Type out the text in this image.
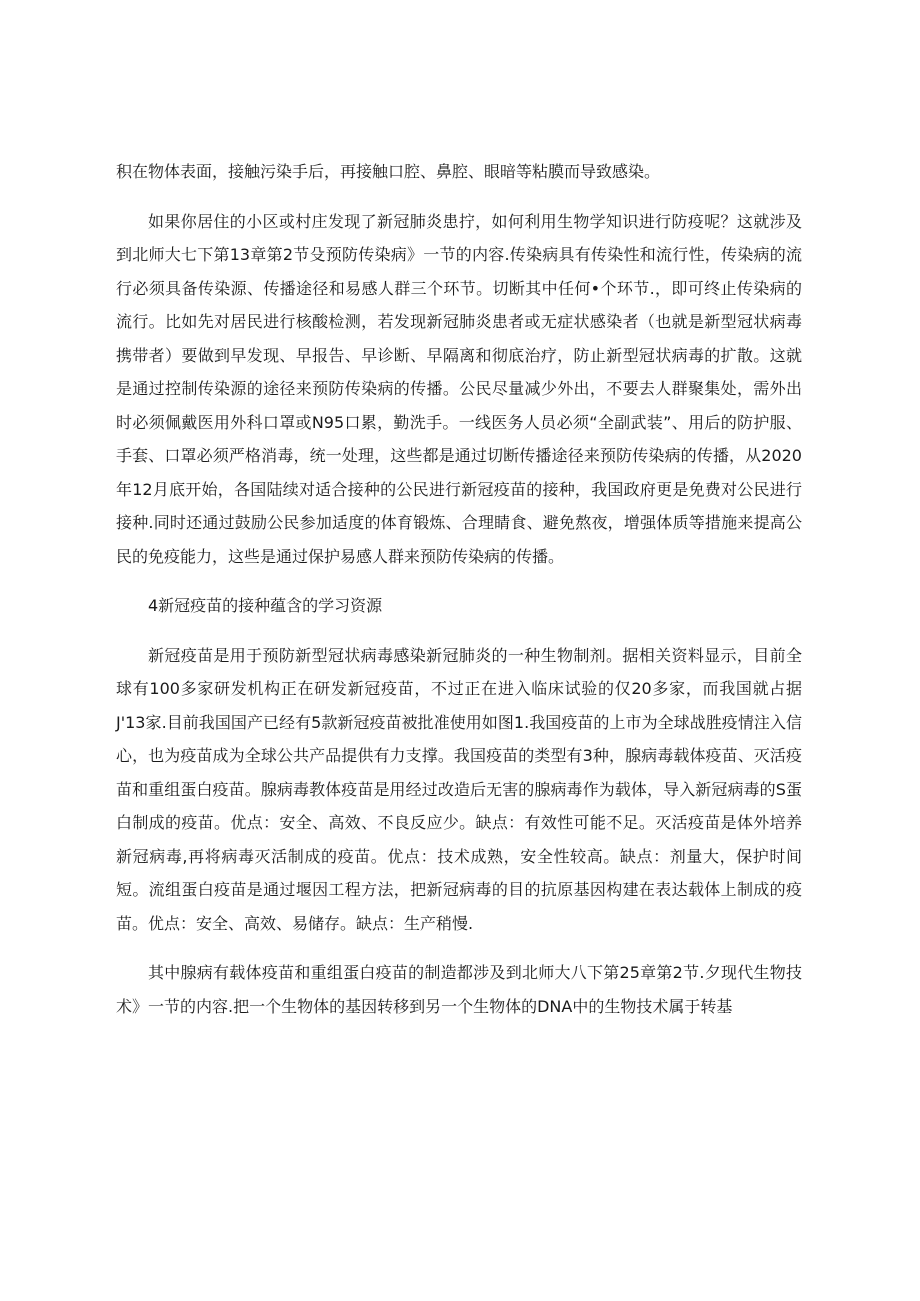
积在物体表面，接触污染手后，再接触口腔、鼻腔、眼暗等粘膜而导致感染。

如果你居住的小区或村庄发现了新冠肺炎患拧，如何利用生物学知识进行防疫呢？这就涉及到北师大七下第13章第2节殳预防传染病》一节的内容.传染病具有传染性和流行性，传染病的流行必须具备传染源、传播途径和易感人群三个环节。切断其中任何•个环节.，即可终止传染病的流行。比如先对居民进行核酸检测，若发现新冠肺炎患者或无症状感染者（也就是新型冠状病毒携带者）要做到早发现、早报告、早诊断、早隔离和彻底治疗，防止新型冠状病毒的扩散。这就是通过控制传染源的途径来预防传染病的传播。公民尽量减少外出，不要去人群聚集处，需外出时必须佩戴医用外科口罩或N95口累，勤洗手。一线医务人员必须“全副武装”、用后的防护服、手套、口罩必须严格消毒，统一处理，这些都是通过切断传播途径来预防传染病的传播，从2020年12月底开始，各国陆续对适合接种的公民进行新冠疫苗的接种，我国政府更是免费对公民进行接种.同时还通过鼓励公民参加适度的体育锻炼、合理睛食、避免熬夜，增强体质等措施来提高公民的免疫能力，这些是通过保护易感人群来预防传染病的传播。

4新冠疫苗的接种蕴含的学习资源

新冠疫苗是用于预防新型冠状病毒感染新冠肺炎的一种生物制剂。据相关资料显示，目前全球有100多家研发机构正在研发新冠疫苗，不过正在进入临床试验的仅20多家，而我国就占据J'13家.目前我国国产已经有5款新冠疫苗被批准使用如图1.我国疫苗的上市为全球战胜疫情注入信心，也为疫苗成为全球公共产品提供有力支撑。我国疫苗的类型有3种，腺病毒载体疫苗、灭活疫苗和重组蛋白疫苗。腺病毒教体疫苗是用经过改造后无害的腺病毒作为载体，导入新冠病毒的S蛋白制成的疫苗。优点：安全、高效、不良反应少。缺点：有效性可能不足。灭活疫苗是体外培养新冠病毒,再将病毒灭活制成的疫苗。优点：技术成熟，安全性较高。缺点：剂量大，保护时间短。流组蛋白疫苗是通过堰因工程方法，把新冠病毒的目的抗原基因构建在表达载体上制成的疫苗。优点：安全、高效、易储存。缺点：生产稍慢.

其中腺病有载体疫苗和重组蛋白疫苗的制造都涉及到北师大八下第25章第2节.夕现代生物技术》一节的内容.把一个生物体的基因转移到另一个生物体的DNA中的生物技术属于转基
